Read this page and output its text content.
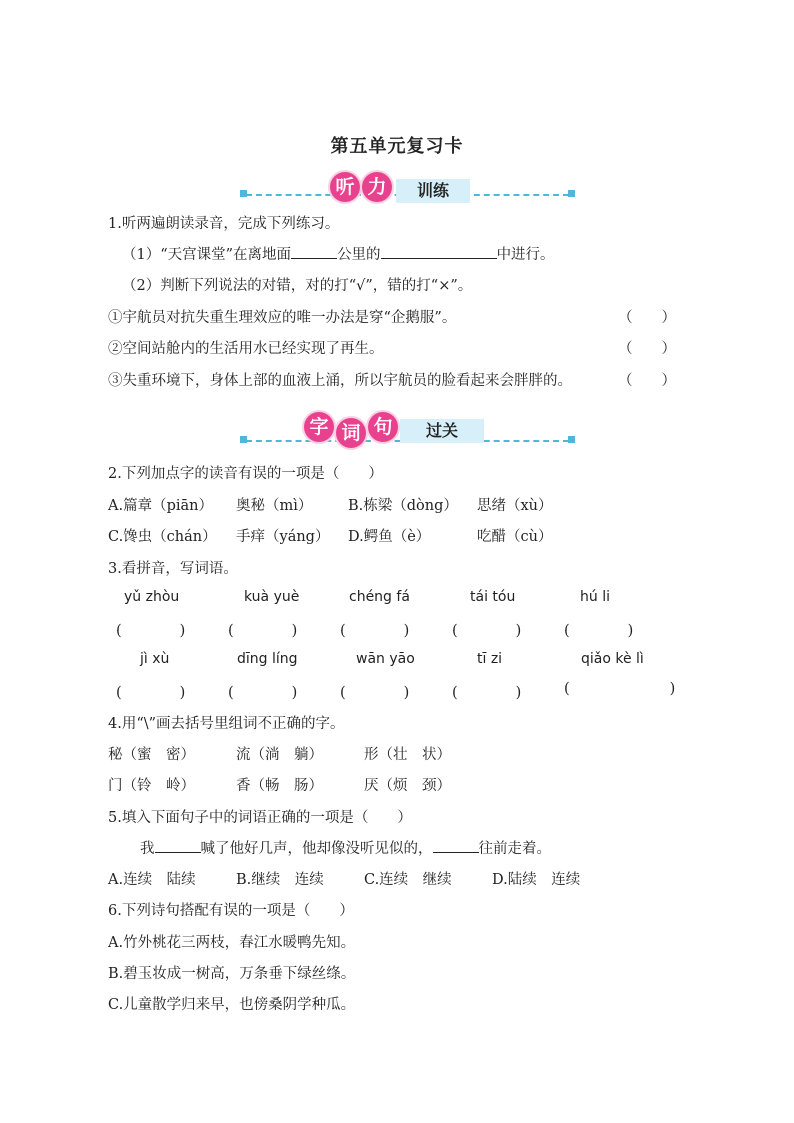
第五单元复习卡
训练
听 力
1.听两遍朗读录音，完成下列练习。
（1）“天宫课堂”在离地面	公里的	中进行。
（2）判断下列说法的对错，对的打“√”，错的打“×”。
①宇航员对抗失重生理效应的唯一办法是穿“企鹅服”。	（　　）
②空间站舱内的生活用水已经实现了再生。	（　　）
③失重环境下，身体上部的血液上涌，所以宇航员的脸看起来会胖胖的。	（　　）
过关
字 词 句
2.下列加点字的读音有误的一项是（　　）
A.篇章（piān） 奥秘（mì） B.栋梁（dòng） 思绪（xù）
C.馋虫（chán） 手痒（yáng） D.鳄鱼（è）	吃醋（cù）
3.看拼音，写词语。
yǔ zhòu	kuà yuè	chéng fá	tái tóu	hú li
(　　　　)	(　　　　)	(　　　　)	(　　　　)	(　　　　)
jì xù	dīng líng	wān yāo	tī zi	qiǎo kè lì
(　　　　)	(　　　　)	(　　　　)	(　　　　)	(	)
4.用“\”画去括号里组词不正确的字。
秘（蜜　密）	流（淌　躺）	形（壮　状）
门（铃　岭）	香（畅　肠）	厌（烦　颈）
5.填入下面句子中的词语正确的一项是（　　）
我	喊了他好几声，他却像没听见似的，	往前走着。
A.连续　陆续	B.继续　连续	C.连续　继续	D.陆续　连续
6.下列诗句搭配有误的一项是（　　）
A.竹外桃花三两枝，春江水暖鸭先知。
B.碧玉妆成一树高，万条垂下绿丝绦。
C.儿童散学归来早，也傍桑阴学种瓜。
